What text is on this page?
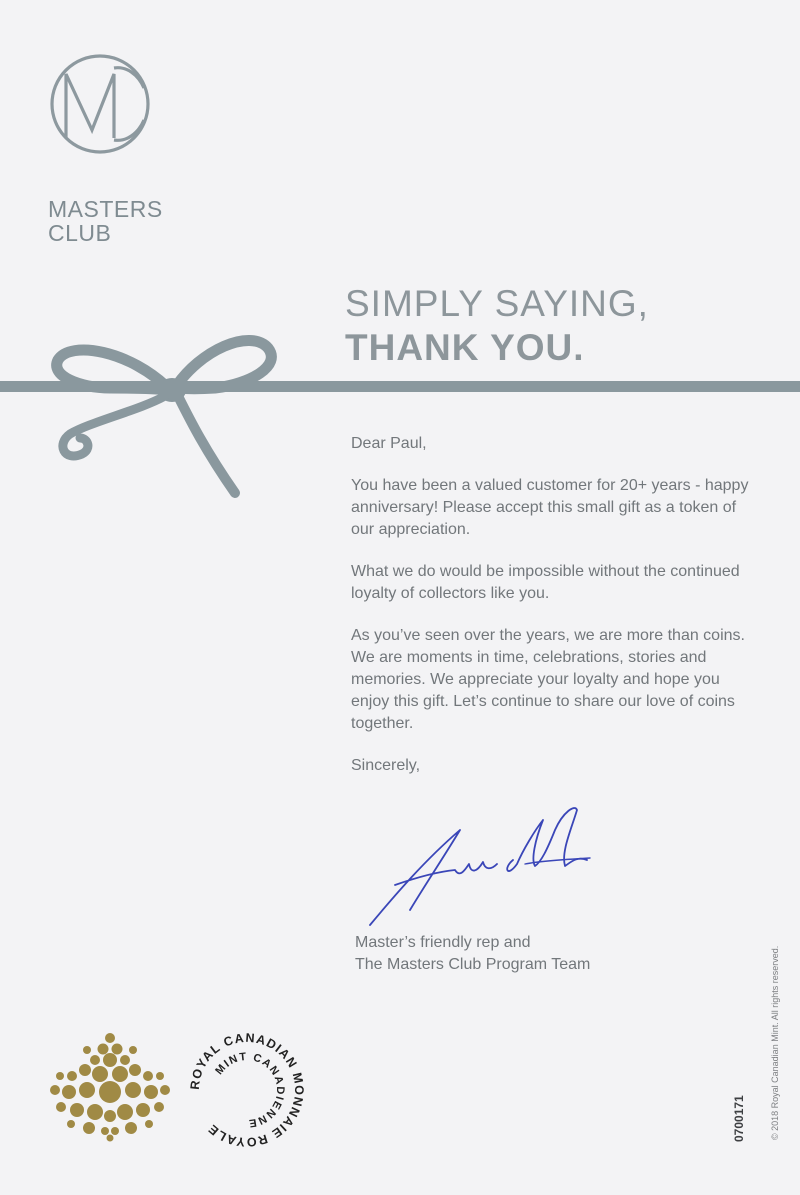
MASTERS
CLUB
SIMPLY SAYING,
THANK YOU.

Dear Paul,

You have been a valued customer for 20+ years - happy anniversary! Please accept this small gift as a token of our appreciation.

What we do would be impossible without the continued loyalty of collectors like you.

As you’ve seen over the years, we are more than coins. We are moments in time, celebrations, stories and memories. We appreciate your loyalty and hope you enjoy this gift. Let’s continue to share our love of coins together.

Sincerely,

Master’s friendly rep and
The Masters Club Program Team
ROYAL CANADIAN MONNAIE ROYALE
MINT CANADIENNE	© 2018 Royal Canadian Mint. All rights reserved.
0700171
